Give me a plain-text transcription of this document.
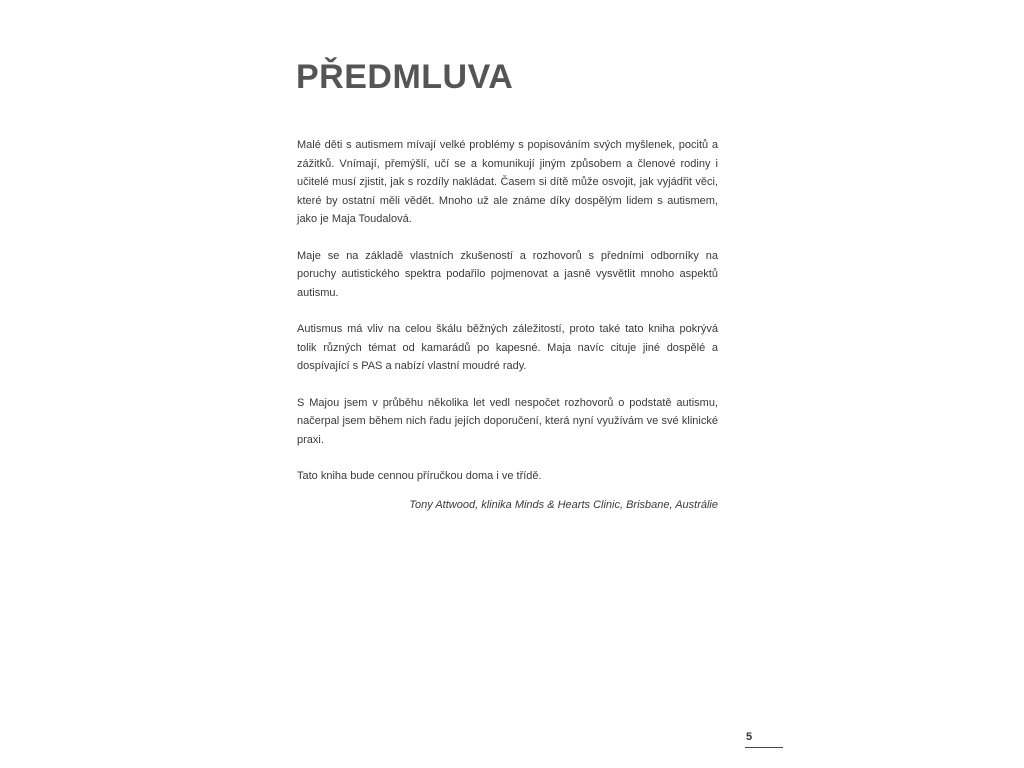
PŘEDMLUVA

Malé děti s autismem mívají velké problémy s popisováním svých myšlenek, pocitů a zážitků. Vnímají, přemýšlí, učí se a komunikují jiným způsobem a členové rodiny i učitelé musí zjistit, jak s rozdíly nakládat. Časem si dítě může osvojit, jak vyjádřit věci, které by ostatní měli vědět. Mnoho už ale známe díky dospělým lidem s autismem, jako je Maja Toudalová.

Maje se na základě vlastních zkušeností a rozhovorů s předními odborníky na poruchy autistického spektra podařilo pojmenovat a jasně vysvětlit mnoho aspektů autismu.

Autismus má vliv na celou škálu běžných záležitostí, proto také tato kniha pokrývá tolik různých témat od kamarádů po kapesné. Maja navíc cituje jiné dospělé a dospívající s PAS a nabízí vlastní moudré rady.

S Majou jsem v průběhu několika let vedl nespočet rozhovorů o podstatě autismu, načerpal jsem během nich řadu jejích doporučení, která nyní využívám ve své klinické praxi.

Tato kniha bude cennou příručkou doma i ve třídě.

Tony Attwood, klinika Minds & Hearts Clinic, Brisbane, Austrálie

5
